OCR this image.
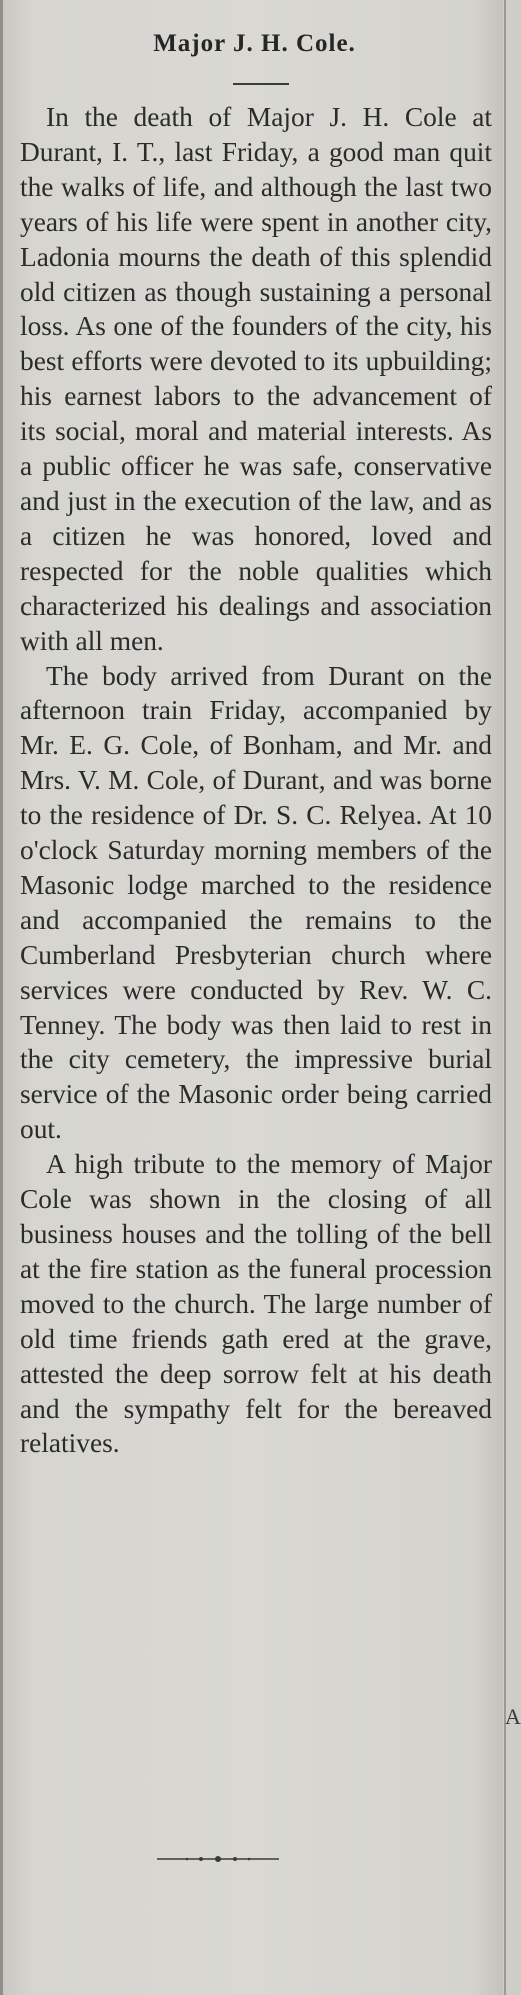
Major J. H. Cole.

In the death of Major J. H. Cole at Durant, I. T., last Friday, a good man quit the walks of life, and although the last two years of his life were spent in another city, Ladonia mourns the death of this splendid old citizen as though sustaining a personal loss. As one of the founders of the city, his best efforts were devoted to its upbuilding; his earnest labors to the advancement of its social, moral and material interests. As a public officer he was safe, conservative and just in the execution of the law, and as a citizen he was honored, loved and respected for the noble qualities which characterized his dealings and association with all men.

The body arrived from Durant on the afternoon train Friday, accompanied by Mr. E. G. Cole, of Bonham, and Mr. and Mrs. V. M. Cole, of Durant, and was borne to the residence of Dr. S. C. Relyea. At 10 o'clock Saturday morning members of the Masonic lodge marched to the residence and accompanied the remains to the Cumberland Presbyterian church where services were conducted by Rev. W. C. Tenney. The body was then laid to rest in the city cemetery, the impressive burial service of the Masonic order being carried out.

A high tribute to the memory of Major Cole was shown in the closing of all business houses and the tolling of the bell at the fire station as the funeral procession moved to the church. The large number of old time friends gath ered at the grave, attested the deep sorrow felt at his death and the sympathy felt for the bereaved relatives.

A
